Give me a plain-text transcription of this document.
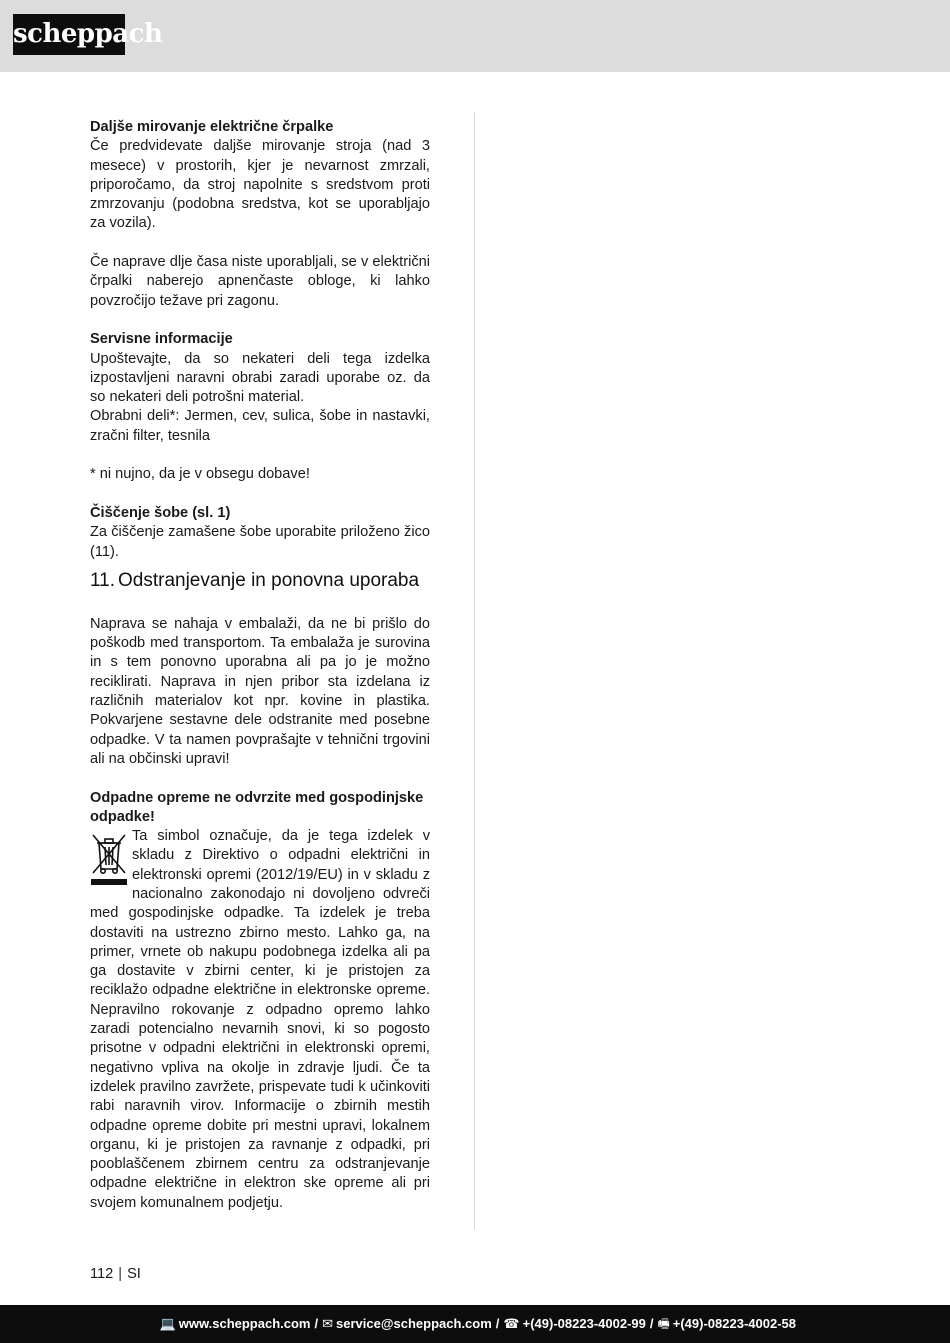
scheppach
Daljše mirovanje električne črpalke

Če predvidevate daljše mirovanje stroja (nad 3 mesece) v prostorih, kjer je nevarnost zmrzali, priporočamo, da stroj napolnite s sredstvom proti zmrzovanju (podobna sredstva, kot se uporabljajo za vozila).

Če naprave dlje časa niste uporabljali, se v električni črpalki naberejo apnenčaste obloge, ki lahko povzročijo težave pri zagonu.

Servisne informacije

Upoštevajte, da so nekateri deli tega izdelka izpostavljeni naravni obrabi zaradi uporabe oz. da so nekateri deli potrošni material.

Obrabni deli*: Jermen, cev, sulica, šobe in nastavki, zračni filter, tesnila

* ni nujno, da je v obsegu dobave!

Čiščenje šobe (sl. 1)

Za čiščenje zamašene šobe uporabite priloženo žico (11).

11. Odstranjevanje in ponovna uporaba

Naprava se nahaja v embalaži, da ne bi prišlo do poškodb med transportom. Ta embalaža je surovina in s tem ponovno uporabna ali pa jo je možno reciklirati. Naprava in njen pribor sta izdelana iz različnih materialov kot npr. kovine in plastika. Pokvarjene sestavne dele odstranite med posebne odpadke. V ta namen povprašajte v tehnični trgovini ali na občinski upravi!

Odpadne opreme ne odvrzite med gospodinjske odpadke!

Ta simbol označuje, da je tega izdelek v skladu z Direktivo o odpadni električni in elektronski opremi (2012/19/EU) in v skladu z nacionalno zakonodajo ni dovoljeno odvreči med gospodinjske odpadke. Ta izdelek je treba dostaviti na ustrezno zbirno mesto. Lahko ga, na primer, vrnete ob nakupu podobnega izdelka ali pa ga dostavite v zbirni center, ki je pristojen za reciklažo odpadne električne in elektronske opreme. Nepravilno rokovanje z odpadno opremo lahko zaradi potencialno nevarnih snovi, ki so pogosto prisotne v odpadni električni in elektronski opremi, negativno vpliva na okolje in zdravje ljudi. Če ta izdelek pravilno zavržete, prispevate tudi k učinkoviti rabi naravnih virov. Informacije o zbirnih mestih odpadne opreme dobite pri mestni upravi, lokalnem organu, ki je pristojen za ravnanje z odpadki, pri pooblaščenem zbirnem centru za odstranjevanje odpadne električne in elektron ske opreme ali pri svojem komunalnem podjetju.

112 | SI
💻 www.scheppach.com / ✉ service@scheppach.com / ☎ +(49)-08223-4002-99 / 🖷 +(49)-08223-4002-58
